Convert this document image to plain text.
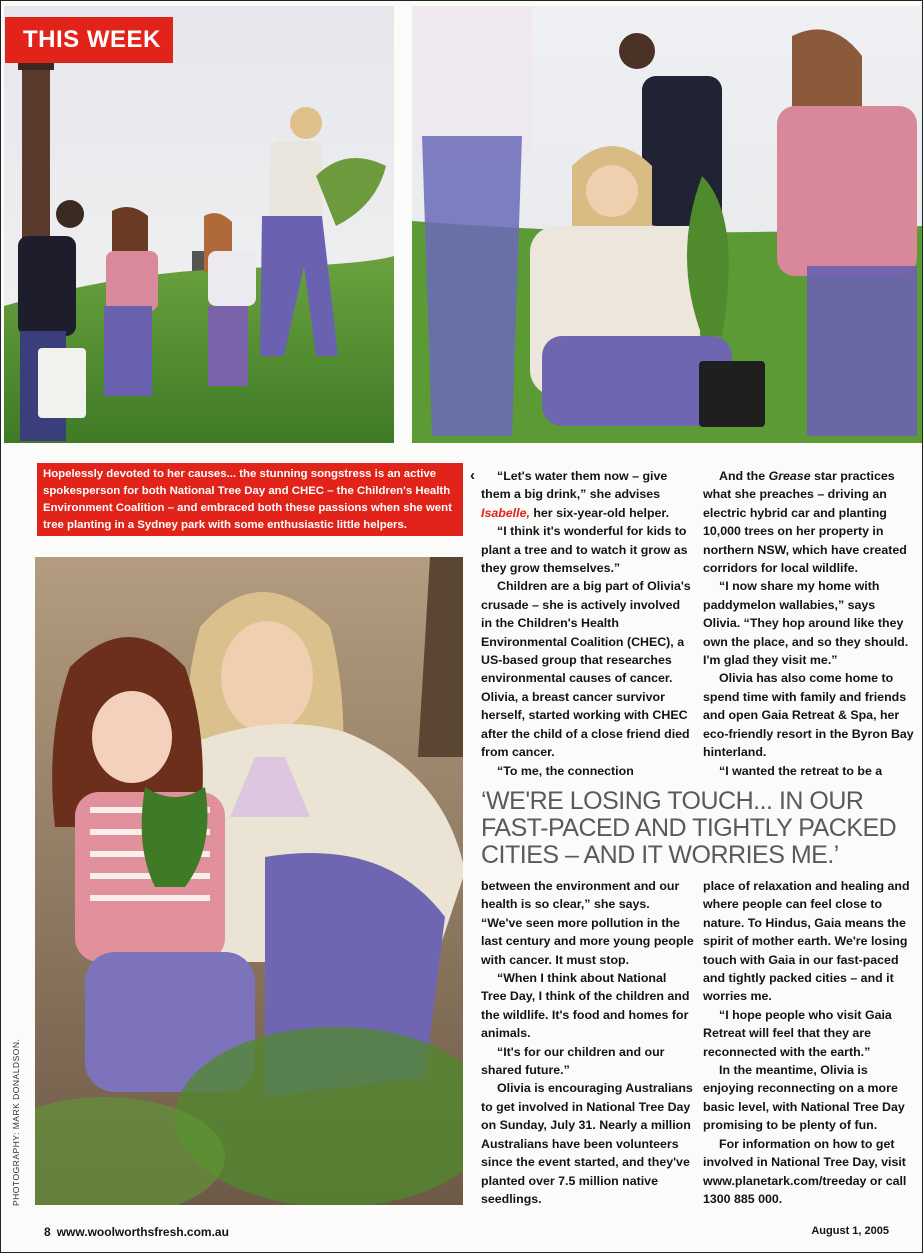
THIS WEEK
Hopelessly devoted to her causes... the stunning songstress is an active spokesperson for both National Tree Day and CHEC – the Children's Health Environment Coalition – and embraced both these passions when she went tree planting in a Sydney park with some enthusiastic little helpers.
PHOTOGRAPHY: MARK DONALDSON.
‹	“Let's water them now – give them a big drink,” she advises Isabelle, her six-year-old helper.

“I think it's wonderful for kids to plant a tree and to watch it grow as they grow themselves.”

Children are a big part of Olivia's crusade – she is actively involved in the Children's Health Environmental Coalition (CHEC), a US-based group that researches environmental causes of cancer. Olivia, a breast cancer survivor herself, started working with CHEC after the child of a close friend died from cancer.

“To me, the connection

And the Grease star practices what she preaches – driving an electric hybrid car and planting 10,000 trees on her property in northern NSW, which have created corridors for local wildlife.

“I now share my home with paddymelon wallabies,” says Olivia. “They hop around like they own the place, and so they should. I'm glad they visit me.”

Olivia has also come home to spend time with family and friends and open Gaia Retreat & Spa, her eco-friendly resort in the Byron Bay hinterland.

“I wanted the retreat to be a

‘WE'RE LOSING TOUCH... IN OUR
FAST-PACED AND TIGHTLY PACKED
CITIES – AND IT WORRIES ME.’

between the environment and our health is so clear,” she says. “We've seen more pollution in the last century and more young people with cancer. It must stop.

“When I think about National Tree Day, I think of the children and the wildlife. It's food and homes for animals.

“It's for our children and our shared future.”

Olivia is encouraging Australians to get involved in National Tree Day on Sunday, July 31. Nearly a million Australians have been volunteers since the event started, and they've planted over 7.5 million native seedlings.

place of relaxation and healing and where people can feel close to nature. To Hindus, Gaia means the spirit of mother earth. We're losing touch with Gaia in our fast-paced and tightly packed cities – and it worries me.

“I hope people who visit Gaia Retreat will feel that they are reconnected with the earth.”

In the meantime, Olivia is enjoying reconnecting on a more basic level, with National Tree Day promising to be plenty of fun.

For information on how to get involved in National Tree Day, visit www.planetark.com/treeday or call 1300 885 000.

8 www.woolworthsfresh.com.au	August 1, 2005
